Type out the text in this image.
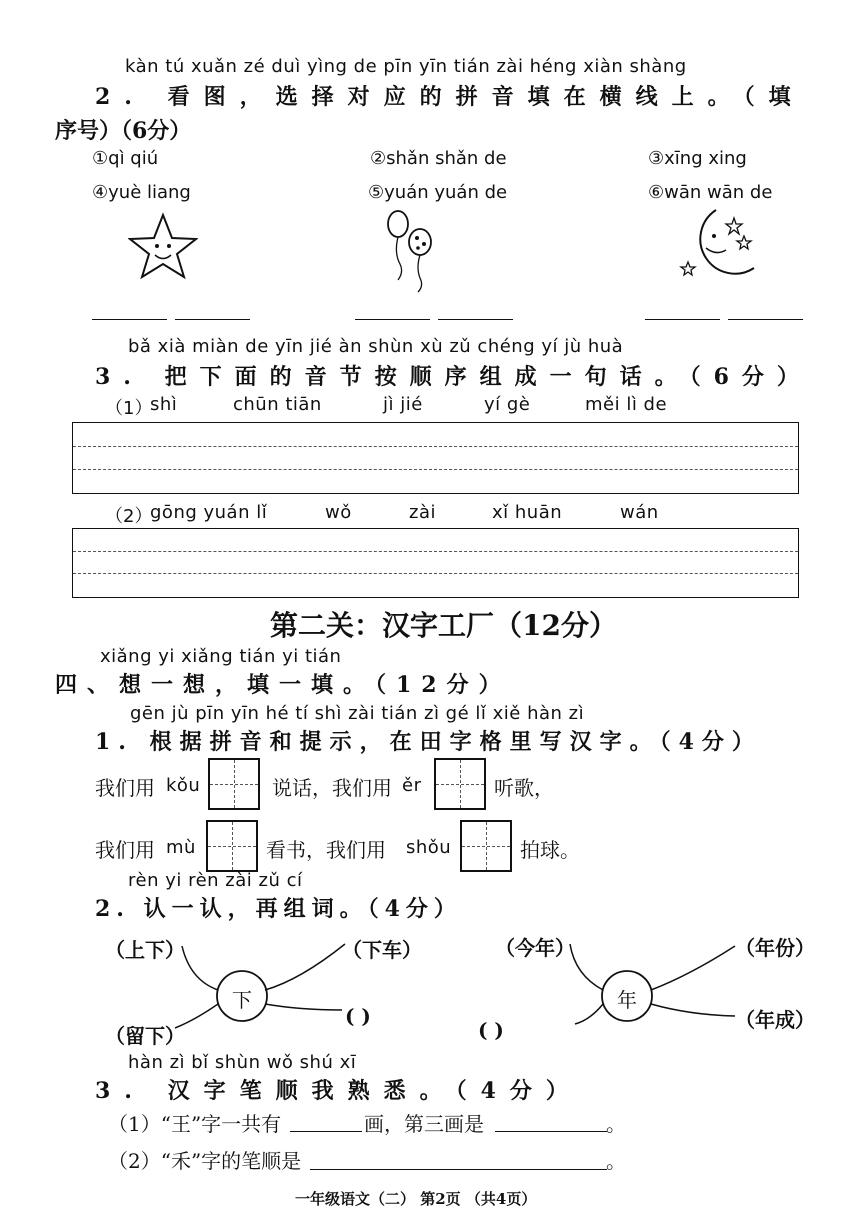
kàn tú xuǎn zé duì yìng de pīn yīn tián zài héng xiàn shàng
2. 看图，选择对应的拼音填在横线上。（填
序号）（6分）
①qì qiú	②shǎn shǎn de	③xīng xing
④yuè liang	⑤yuán yuán de	⑥wān wān de
bǎ xià miàn de yīn jié àn shùn xù zǔ chéng yí jù huà
3. 把下面的音节按顺序组成一句话。（6分）
（1）
shì	chūn tiān	jì jié	yí gè	měi lì de
（2）
gōng yuán lǐ	wǒ	zài	xǐ huān	wán
第二关：汉字工厂（12分）
xiǎng yi xiǎng tián yi tián
四、想一想，填一填。（12分）
gēn jù pīn yīn hé tí shì zài tián zì gé lǐ xiě hàn zì
1. 根据拼音和提示，在田字格里写汉字。（4分）
我们用 kǒu	说话，我们用 ěr	听歌，
我们用 mù	看书，我们用 shǒu	拍球。
rèn yi rèn zài zǔ cí
2. 认一认，再组词。（4分）
下	年
（上下）	（下车）
（留下）
( )
（今年）	（年份）
( )	（年成）
hàn zì bǐ shùn wǒ shú xī
3. 汉字笔顺我熟悉。（4分）
（1）“王”字一共有	画，第三画是	。
（2）“禾”字的笔顺是	。
一年级语文（二） 第2页 （共4页）
